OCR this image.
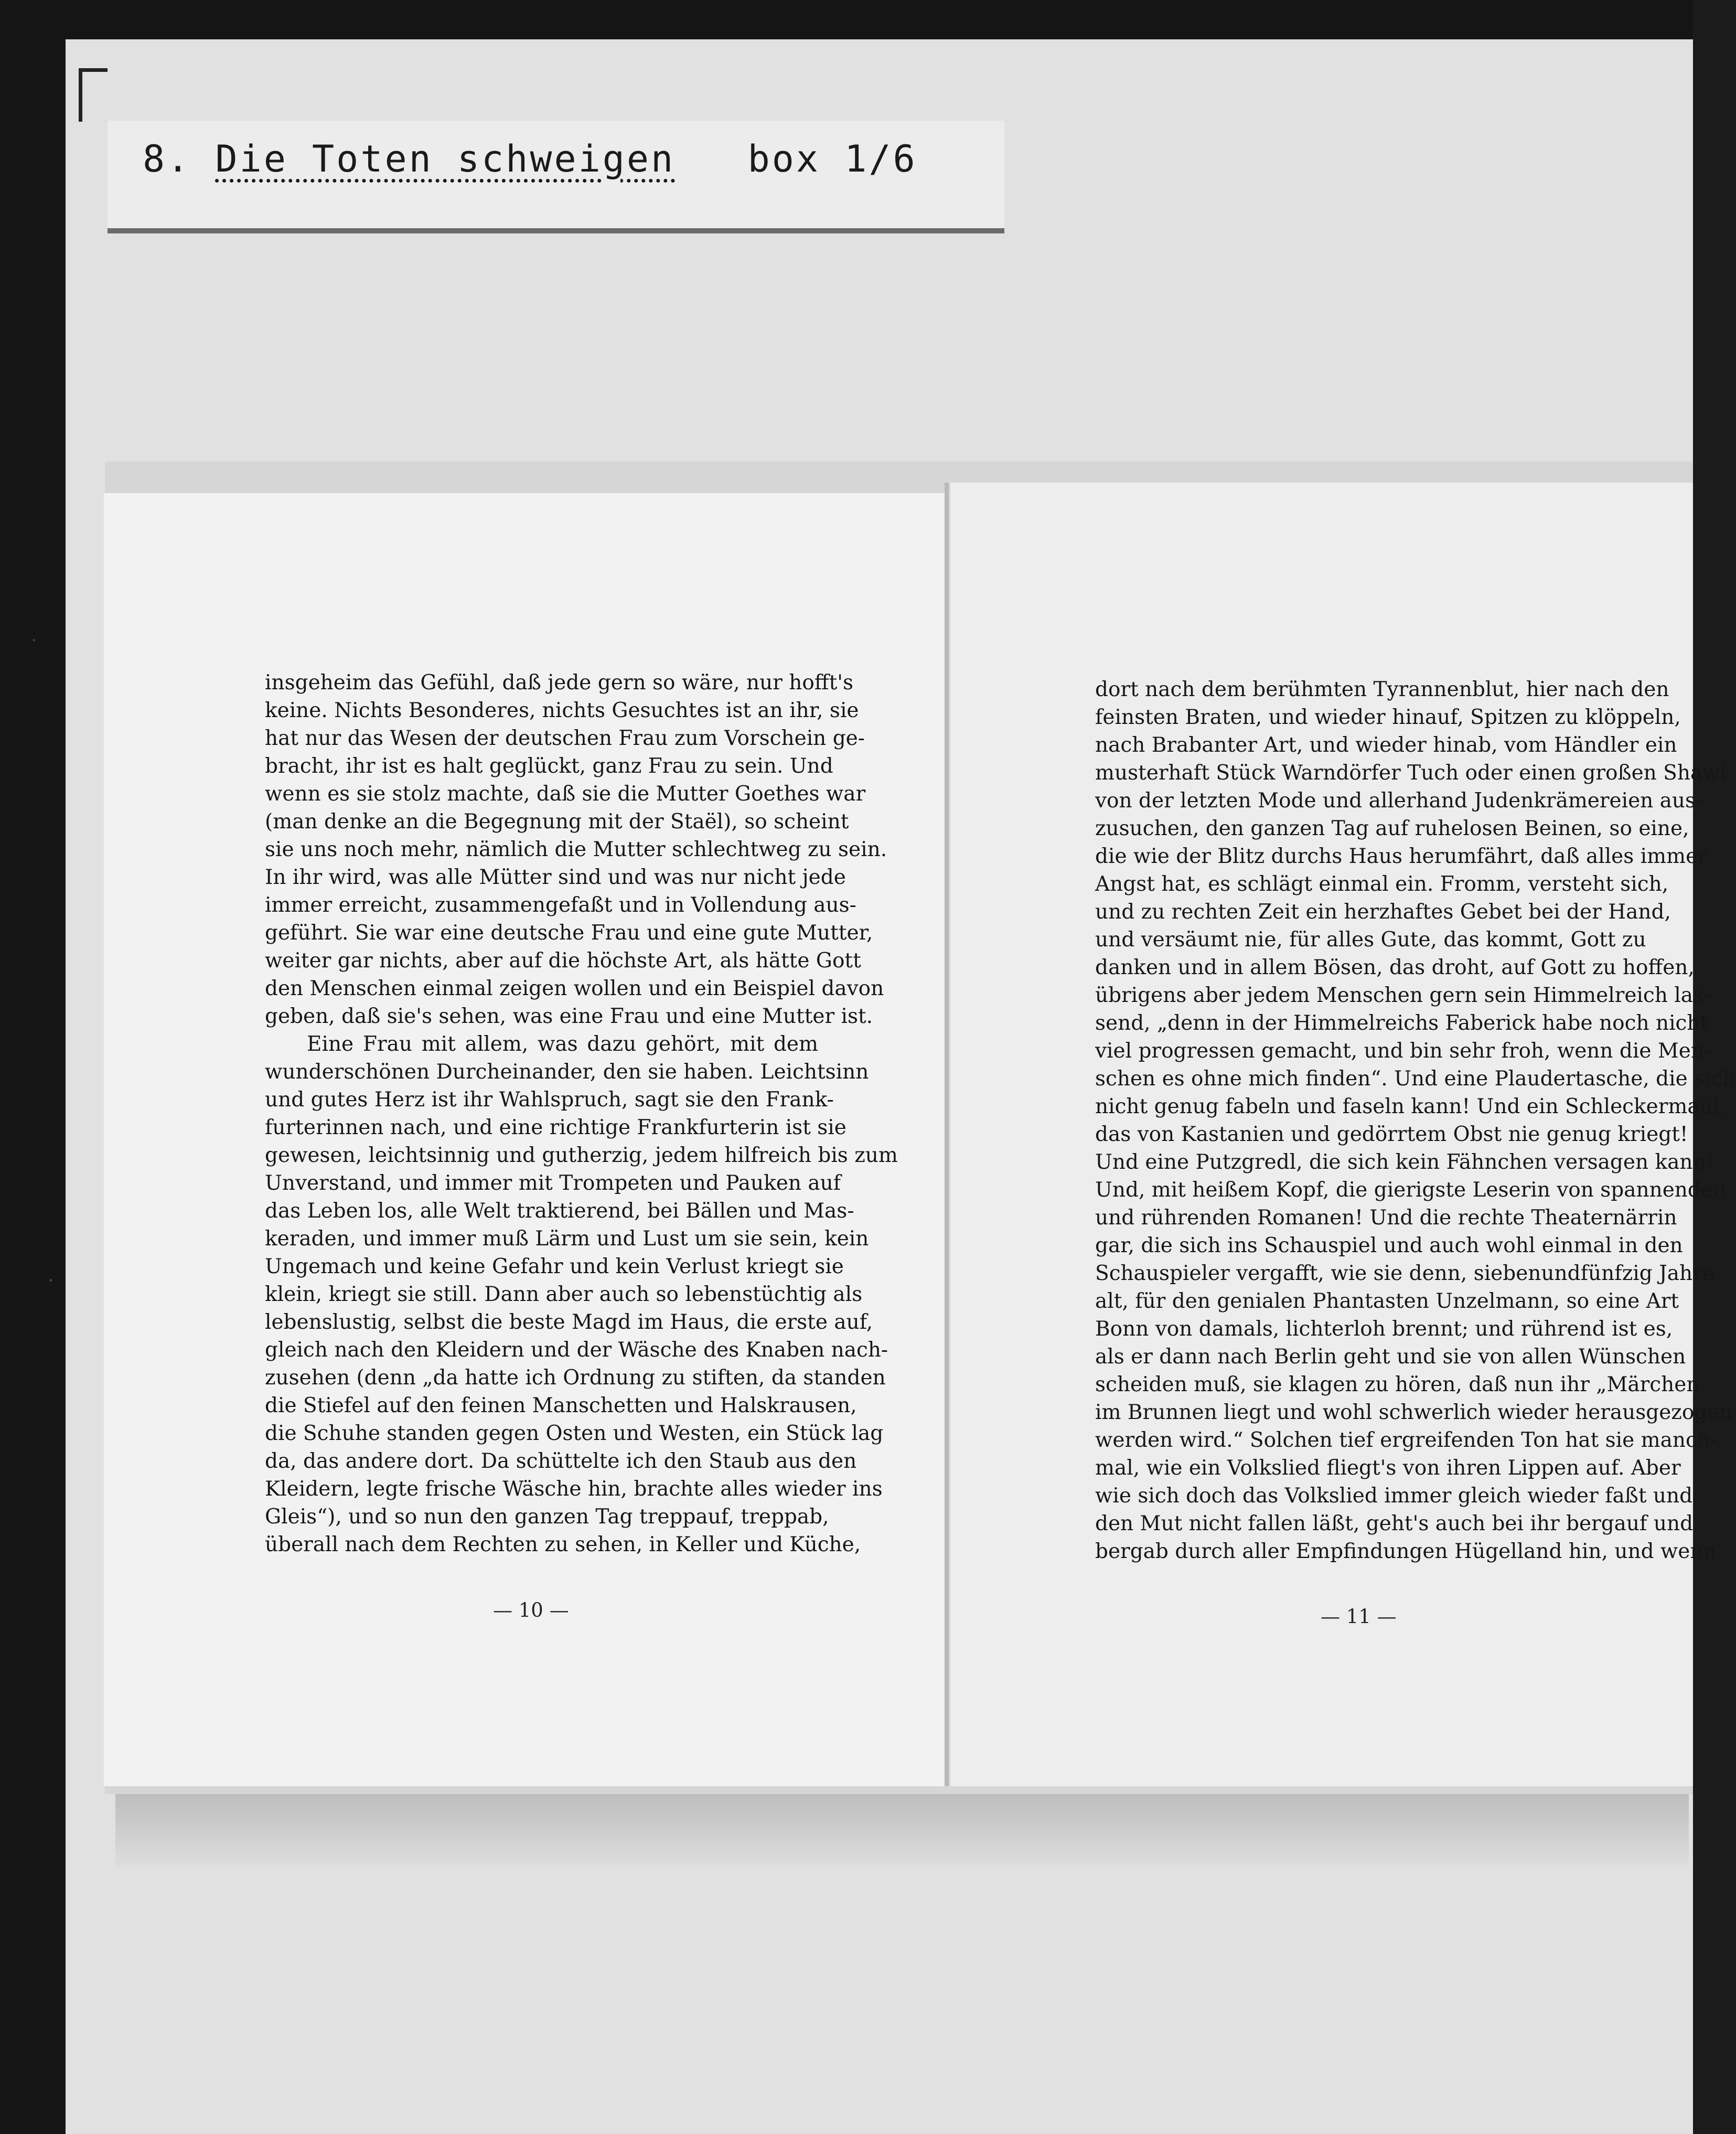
8. Die Toten schweigen box 1/6
insgeheim das Gefühl, daß jede gern so wäre, nur hofft's
keine. Nichts Besonderes, nichts Gesuchtes ist an ihr, sie
hat nur das Wesen der deutschen Frau zum Vorschein ge-
bracht, ihr ist es halt geglückt, ganz Frau zu sein. Und
wenn es sie stolz machte, daß sie die Mutter Goethes war
(man denke an die Begegnung mit der Staël), so scheint
sie uns noch mehr, nämlich die Mutter schlechtweg zu sein.
In ihr wird, was alle Mütter sind und was nur nicht jede
immer erreicht, zusammengefaßt und in Vollendung aus-
geführt. Sie war eine deutsche Frau und eine gute Mutter,
weiter gar nichts, aber auf die höchste Art, als hätte Gott
den Menschen einmal zeigen wollen und ein Beispiel davon
geben, daß sie's sehen, was eine Frau und eine Mutter ist.
Eine Frau mit allem, was dazu gehört, mit dem
wunderschönen Durcheinander, den sie haben. Leichtsinn
und gutes Herz ist ihr Wahlspruch, sagt sie den Frank-
furterinnen nach, und eine richtige Frankfurterin ist sie
gewesen, leichtsinnig und gutherzig, jedem hilfreich bis zum
Unverstand, und immer mit Trompeten und Pauken auf
das Leben los, alle Welt traktierend, bei Bällen und Mas-
keraden, und immer muß Lärm und Lust um sie sein, kein
Ungemach und keine Gefahr und kein Verlust kriegt sie
klein, kriegt sie still. Dann aber auch so lebenstüchtig als
lebenslustig, selbst die beste Magd im Haus, die erste auf,
gleich nach den Kleidern und der Wäsche des Knaben nach-
zusehen (denn „da hatte ich Ordnung zu stiften, da standen
die Stiefel auf den feinen Manschetten und Halskrausen,
die Schuhe standen gegen Osten und Westen, ein Stück lag
da, das andere dort. Da schüttelte ich den Staub aus den
Kleidern, legte frische Wäsche hin, brachte alles wieder ins
Gleis“), und so nun den ganzen Tag treppauf, treppab,
überall nach dem Rechten zu sehen, in Keller und Küche,
— 10 —
dort nach dem berühmten Tyrannenblut, hier nach den
feinsten Braten, und wieder hinauf, Spitzen zu klöppeln,
nach Brabanter Art, und wieder hinab, vom Händler ein
musterhaft Stück Warndörfer Tuch oder einen großen Shawl
von der letzten Mode und allerhand Judenkrämereien aus-
zusuchen, den ganzen Tag auf ruhelosen Beinen, so eine,
die wie der Blitz durchs Haus herumfährt, daß alles immer
Angst hat, es schlägt einmal ein. Fromm, versteht sich,
und zu rechten Zeit ein herzhaftes Gebet bei der Hand,
und versäumt nie, für alles Gute, das kommt, Gott zu
danken und in allem Bösen, das droht, auf Gott zu hoffen,
übrigens aber jedem Menschen gern sein Himmelreich las-
send, „denn in der Himmelreichs Faberick habe noch nicht
viel progressen gemacht, und bin sehr froh, wenn die Men-
schen es ohne mich finden“. Und eine Plaudertasche, die sich
nicht genug fabeln und faseln kann! Und ein Schleckermaul,
das von Kastanien und gedörrtem Obst nie genug kriegt!
Und eine Putzgredl, die sich kein Fähnchen versagen kann!
Und, mit heißem Kopf, die gierigste Leserin von spannenden
und rührenden Romanen! Und die rechte Theaternärrin
gar, die sich ins Schauspiel und auch wohl einmal in den
Schauspieler vergafft, wie sie denn, siebenundfünfzig Jahre
alt, für den genialen Phantasten Unzelmann, so eine Art
Bonn von damals, lichterloh brennt; und rührend ist es,
als er dann nach Berlin geht und sie von allen Wünschen
scheiden muß, sie klagen zu hören, daß nun ihr „Märchen
im Brunnen liegt und wohl schwerlich wieder herausgezogen
werden wird.“ Solchen tief ergreifenden Ton hat sie manch-
mal, wie ein Volkslied fliegt's von ihren Lippen auf. Aber
wie sich doch das Volkslied immer gleich wieder faßt und
den Mut nicht fallen läßt, geht's auch bei ihr bergauf und
bergab durch aller Empfindungen Hügelland hin, und wenn
— 11 —
